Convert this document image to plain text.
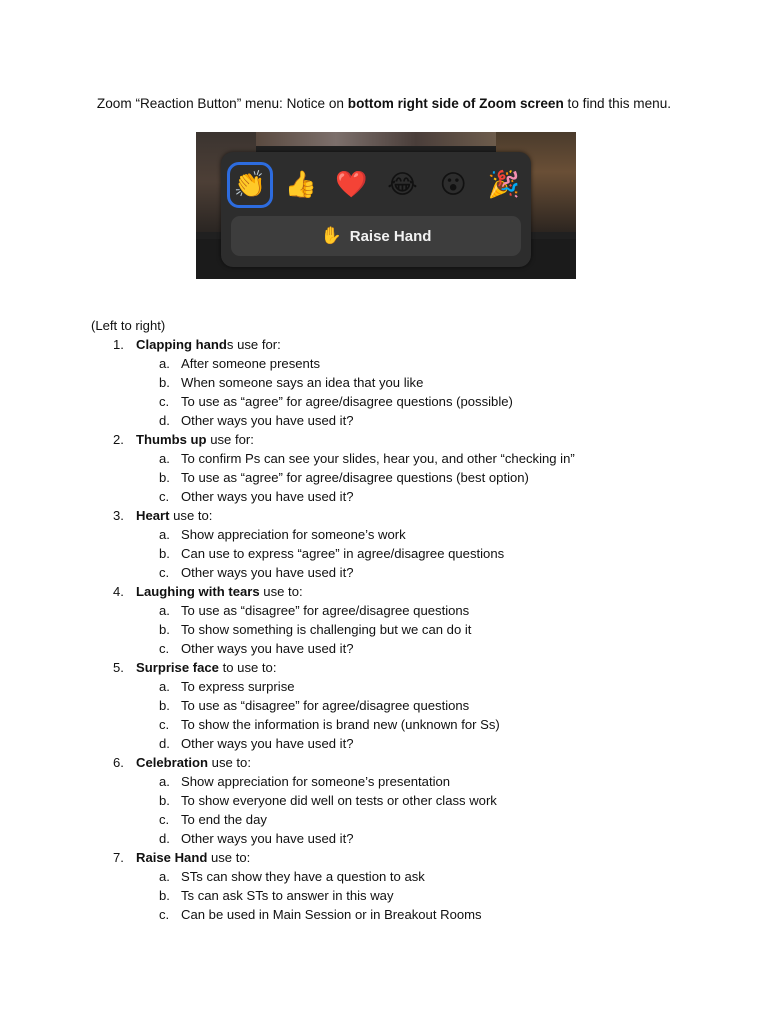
Zoom “Reaction Button” menu: Notice on bottom right side of Zoom screen to find this menu.
👏 👍 ❤️ 😂 😮 🎉
✋ Raise Hand
(Left to right)
1. Clapping hands use for:
a. After someone presents
b. When someone says an idea that you like
c. To use as “agree” for agree/disagree questions (possible)
d. Other ways you have used it?
2. Thumbs up use for:
a. To confirm Ps can see your slides, hear you, and other “checking in”
b. To use as “agree” for agree/disagree questions (best option)
c. Other ways you have used it?
3. Heart use to:
a. Show appreciation for someone’s work
b. Can use to express “agree” in agree/disagree questions
c. Other ways you have used it?
4. Laughing with tears use to:
a. To use as “disagree” for agree/disagree questions
b. To show something is challenging but we can do it
c. Other ways you have used it?
5. Surprise face to use to:
a. To express surprise
b. To use as “disagree” for agree/disagree questions
c. To show the information is brand new (unknown for Ss)
d. Other ways you have used it?
6. Celebration use to:
a. Show appreciation for someone’s presentation
b. To show everyone did well on tests or other class work
c. To end the day
d. Other ways you have used it?
7. Raise Hand use to:
a. STs can show they have a question to ask
b. Ts can ask STs to answer in this way
c. Can be used in Main Session or in Breakout Rooms
